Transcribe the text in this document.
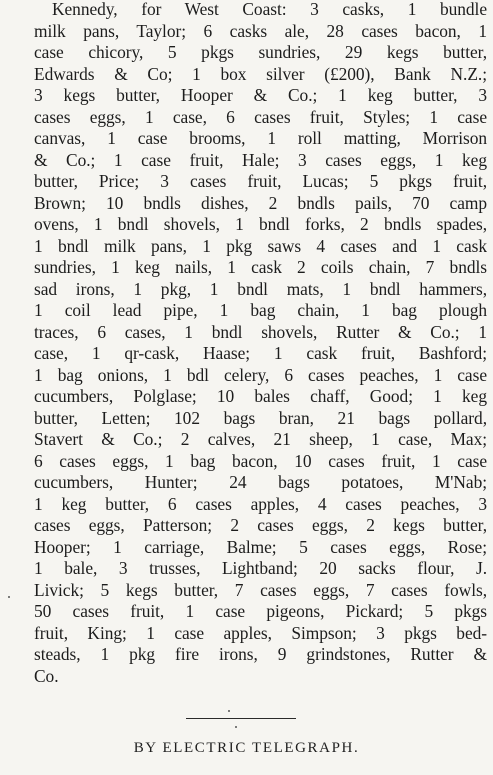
Kennedy, for West Coast: 3 casks, 1 bundle
milk pans, Taylor; 6 casks ale, 28 cases bacon, 1
case chicory, 5 pkgs sundries, 29 kegs butter,
Edwards & Co; 1 box silver (£200), Bank N.Z.;
3 kegs butter, Hooper & Co.; 1 keg butter, 3
cases eggs, 1 case, 6 cases fruit, Styles; 1 case
canvas, 1 case brooms, 1 roll matting, Morrison
& Co.; 1 case fruit, Hale; 3 cases eggs, 1 keg
butter, Price; 3 cases fruit, Lucas; 5 pkgs fruit,
Brown; 10 bndls dishes, 2 bndls pails, 70 camp
ovens, 1 bndl shovels, 1 bndl forks, 2 bndls spades,
1 bndl milk pans, 1 pkg saws 4 cases and 1 cask
sundries, 1 keg nails, 1 cask 2 coils chain, 7 bndls
sad irons, 1 pkg, 1 bndl mats, 1 bndl hammers,
1 coil lead pipe, 1 bag chain, 1 bag plough
traces, 6 cases, 1 bndl shovels, Rutter & Co.; 1
case, 1 qr-cask, Haase; 1 cask fruit, Bashford;
1 bag onions, 1 bdl celery, 6 cases peaches, 1 case
cucumbers, Polglase; 10 bales chaff, Good; 1 keg
butter, Letten; 102 bags bran, 21 bags pollard,
Stavert & Co.; 2 calves, 21 sheep, 1 case, Max;
6 cases eggs, 1 bag bacon, 10 cases fruit, 1 case
cucumbers, Hunter; 24 bags potatoes, M'Nab;
1 keg butter, 6 cases apples, 4 cases peaches, 3
cases eggs, Patterson; 2 cases eggs, 2 kegs butter,
Hooper; 1 carriage, Balme; 5 cases eggs, Rose;
1 bale, 3 trusses, Lightband; 20 sacks flour, J.
Livick; 5 kegs butter, 7 cases eggs, 7 cases fowls,
50 cases fruit, 1 case pigeons, Pickard; 5 pkgs
fruit, King; 1 case apples, Simpson; 3 pkgs bed-
steads, 1 pkg fire irons, 9 grindstones, Rutter &
Co.
BY ELECTRIC TELEGRAPH.
